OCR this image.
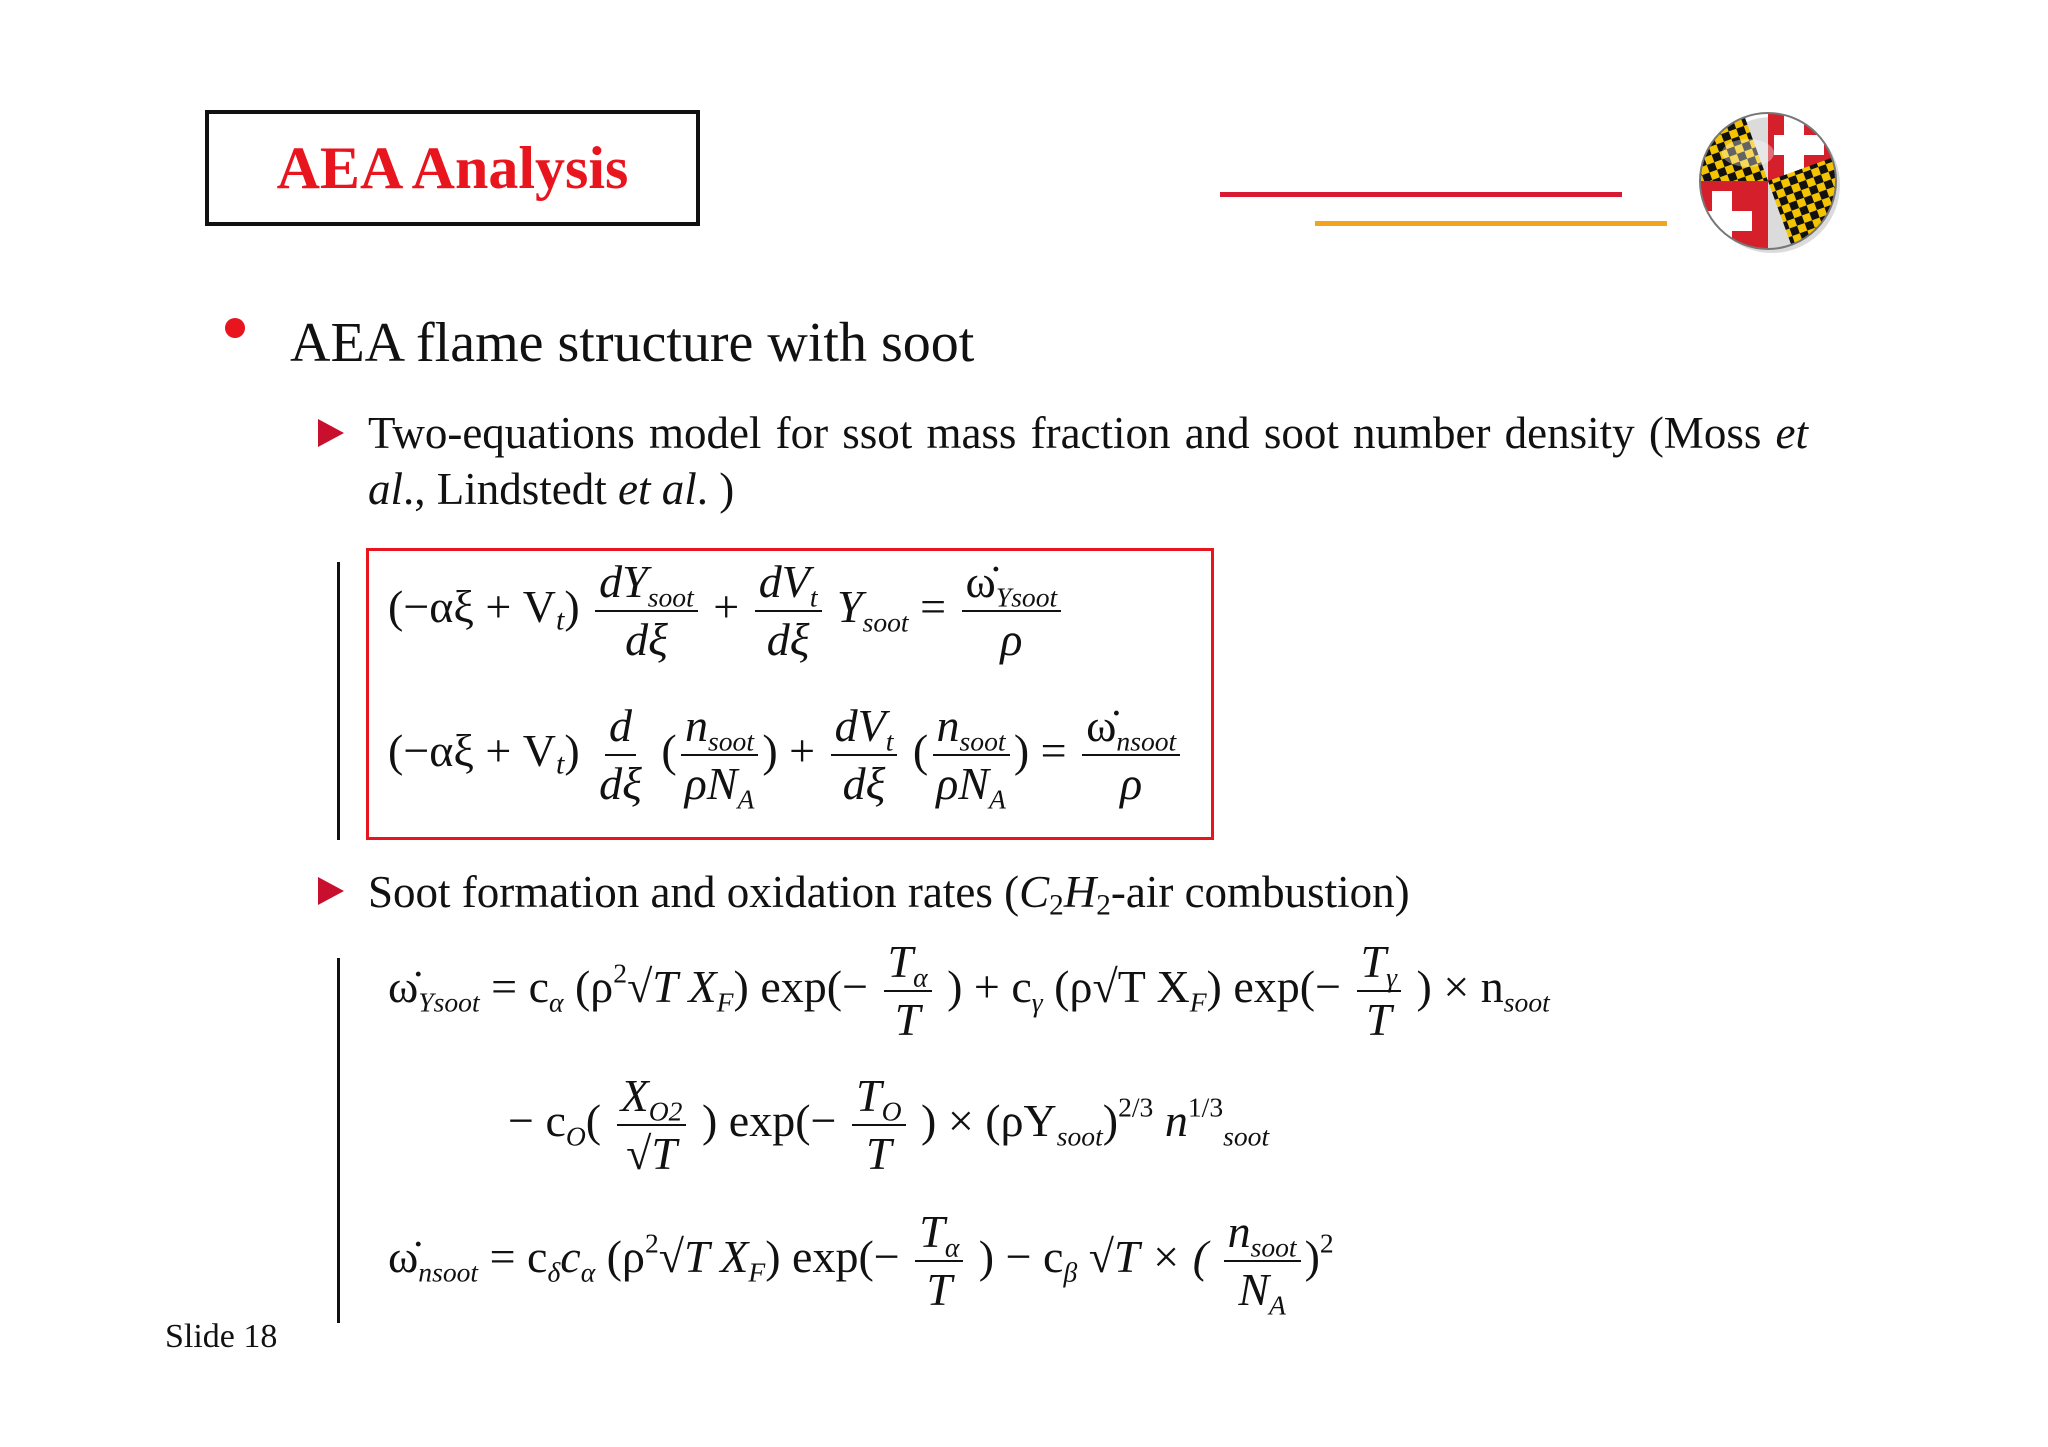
AEA Analysis
AEA flame structure with soot
Two-equations model for ssot mass fraction and soot number density (Moss et al., Lindstedt et al. )
$(-\alpha\xi + V_t) \frac{dY_{soot}}{d\xi} + \frac{dV_t}{d\xi} Y_{soot} = \frac{\omegȧ_{Ysoot}}{\rho}$
$(-\alpha\xi + V_t) \frac{d}{d\xi}$ ( $\frac{n_{soot}}{\rho N_A}$ ) + $\frac{dV_t}{d\xi}$ ( $\frac{n_{soot}}{\rho N_A}$ ) = $\frac{\omegȧ_{nsoot}}{\rho}$
Soot formation and oxidation rates ($C_2H_2$-air combustion)
$\omegȧ_{Ysoot} = c_\alpha$ ($\rho^2√T$ $X_F$) $\exp(- \frac{T_\alpha}{T}$ ) + $c_\gamma$ (ρ√T $X_F$) $\exp(- \frac{T_\gamma}{T}$ ) × $n_{soot}$
− $c_O( \frac{X_{O2}}{√T}$ ) $\exp(- \frac{T_O}{T}$ ) × $(\rho Y_{soot})^{2/3}$ $n^{1/3}_{soot}$
$\omegȧ_{nsoot} = c_\delta c_\alpha$ ($\rho^2√T$ $X_F$) $\exp(- \frac{T_\alpha}{T}$ ) − $c_\beta$ √T × ( $\frac{n_{soot}}{N_A} )^2$
Slide 18
